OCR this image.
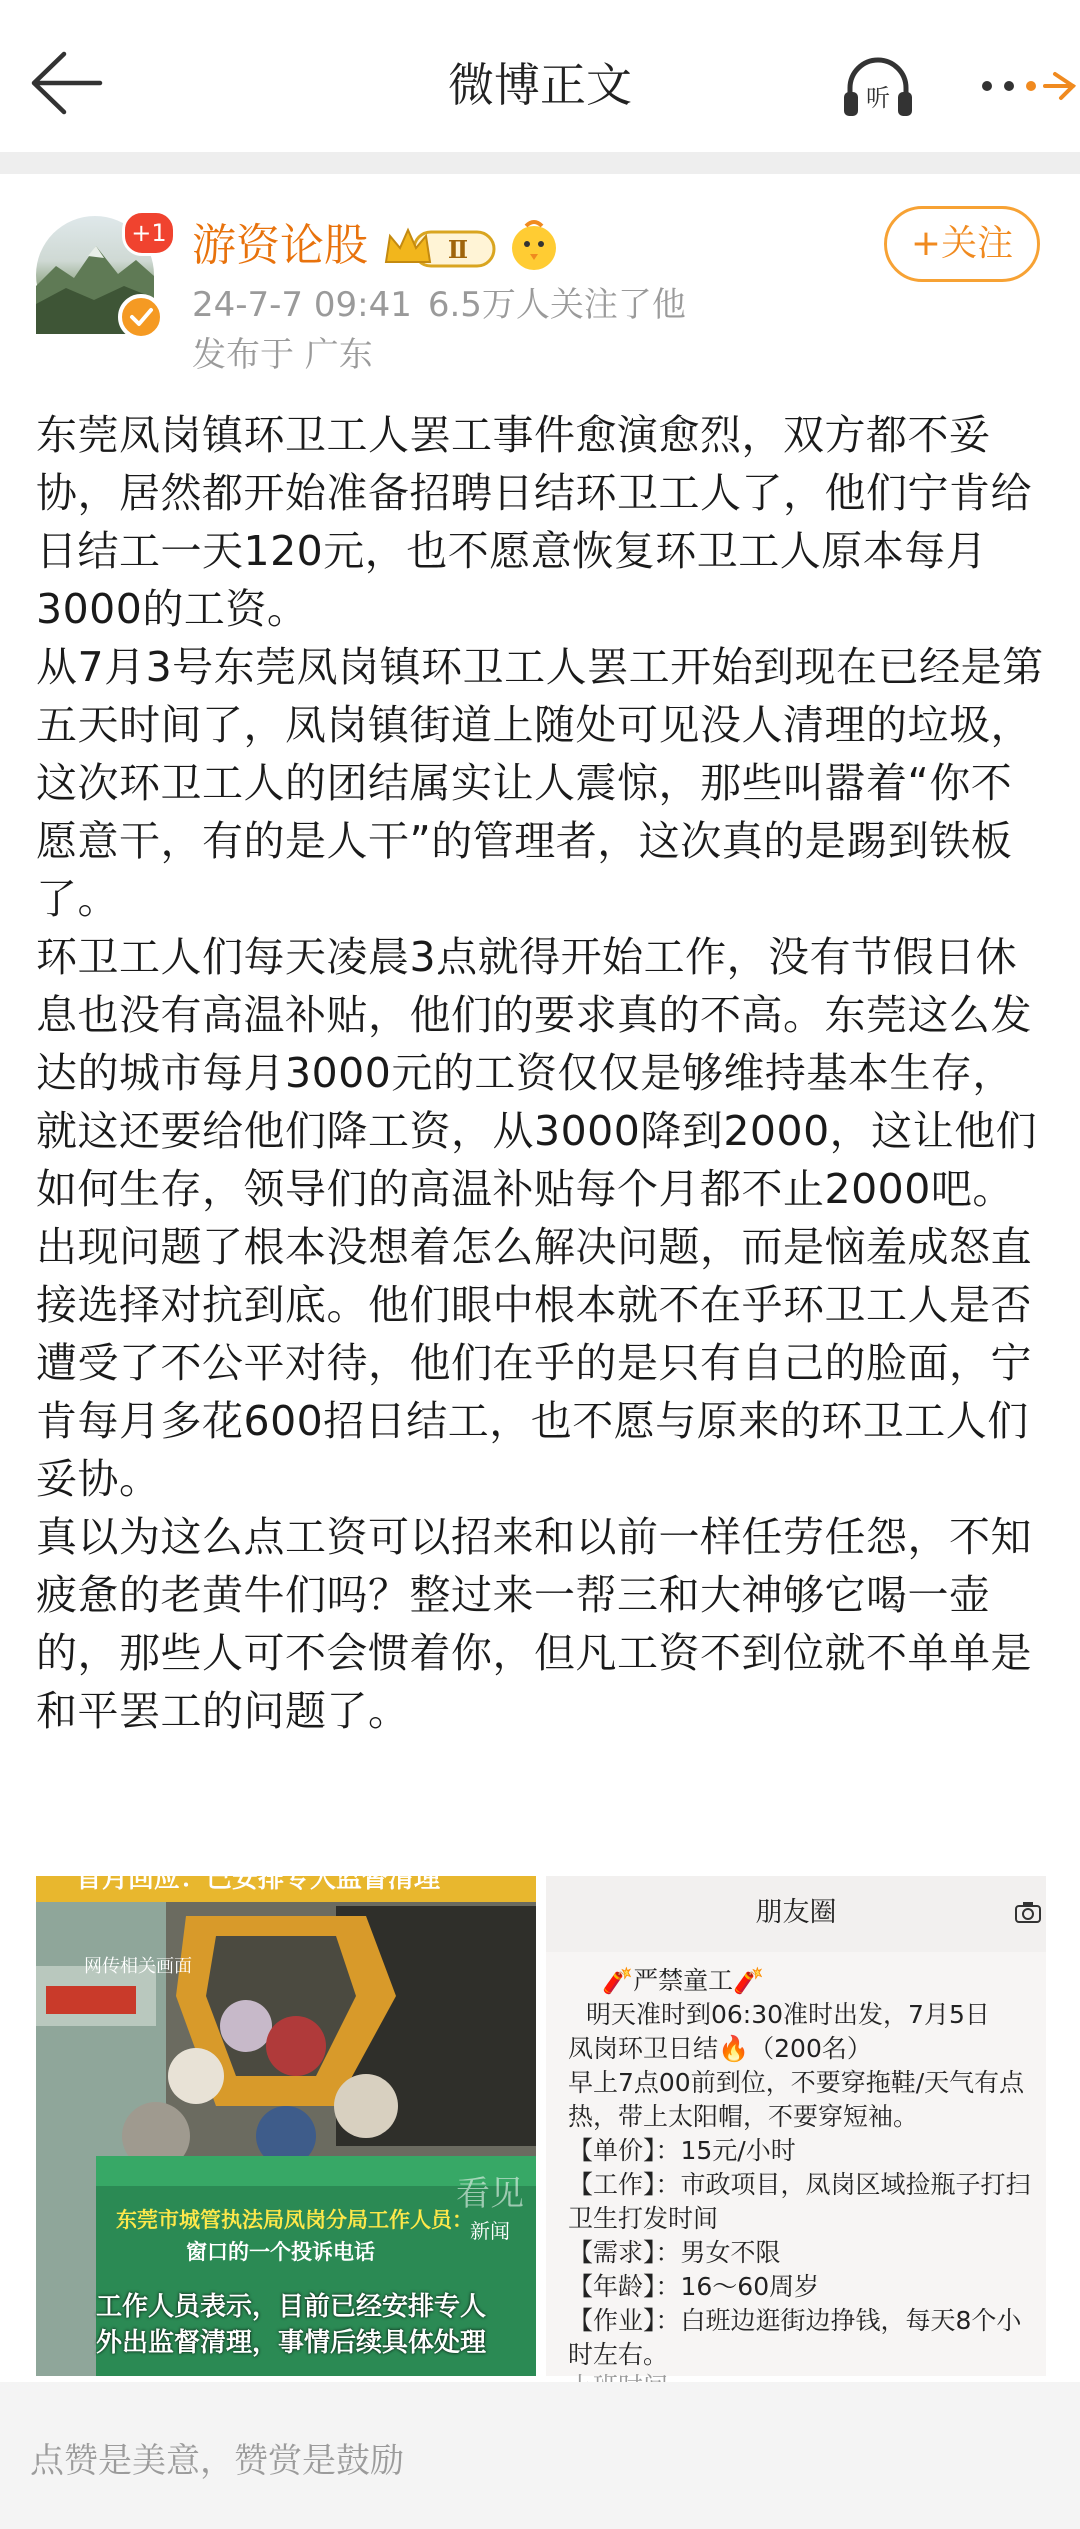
微博正文	听
+1 游资论股	Ⅱ
24-7-7 09:41 6.5万人关注了他
发布于 广东
+关注

东莞凤岗镇环卫工人罢工事件愈演愈烈，双方都不妥协，居然都开始准备招聘日结环卫工人了，他们宁肯给日结工一天120元，也不愿意恢复环卫工人原本每月3000的工资。

从7月3号东莞凤岗镇环卫工人罢工开始到现在已经是第五天时间了，凤岗镇街道上随处可见没人清理的垃圾，这次环卫工人的团结属实让人震惊，那些叫嚣着“你不愿意干，有的是人干”的管理者，这次真的是踢到铁板了。

环卫工人们每天凌晨3点就得开始工作，没有节假日休息也没有高温补贴，他们的要求真的不高。东莞这么发达的城市每月3000元的工资仅仅是够维持基本生存，就这还要给他们降工资，从3000降到2000，这让他们如何生存，领导们的高温补贴每个月都不止2000吧。

出现问题了根本没想着怎么解决问题，而是恼羞成怒直接选择对抗到底。他们眼中根本就不在乎环卫工人是否遭受了不公平对待，他们在乎的是只有自己的脸面，宁肯每月多花600招日结工，也不愿与原来的环卫工人们妥协。

真以为这么点工资可以招来和以前一样任劳任怨，不知疲惫的老黄牛们吗？整过来一帮三和大神够它喝一壶的，那些人可不会惯着你，但凡工资不到位就不单单是和平罢工的问题了。

首月回应：已安排专人监督清理
网传相关画面
看见
新闻
东莞市城管执法局凤岗分局工作人员：
窗口的一个投诉电话
工作人员表示，目前已经安排专人
外出监督清理，事情后续具体处理
朋友圈
🧨严禁童工🧨
明天准时到06:30准时出发，7月5日
凤岗环卫日结🔥（200名）
早上7点00前到位，不要穿拖鞋/天气有点
热，带上太阳帽，不要穿短袖。
【单价】：15元/小时
【工作】：市政项目，凤岗区域捡瓶子打扫
卫生打发时间
【需求】：男女不限
【年龄】：16～60周岁
【作业】：白班边逛街边挣钱，每天8个小
时左右。
点赞是美意，赞赏是鼓励
